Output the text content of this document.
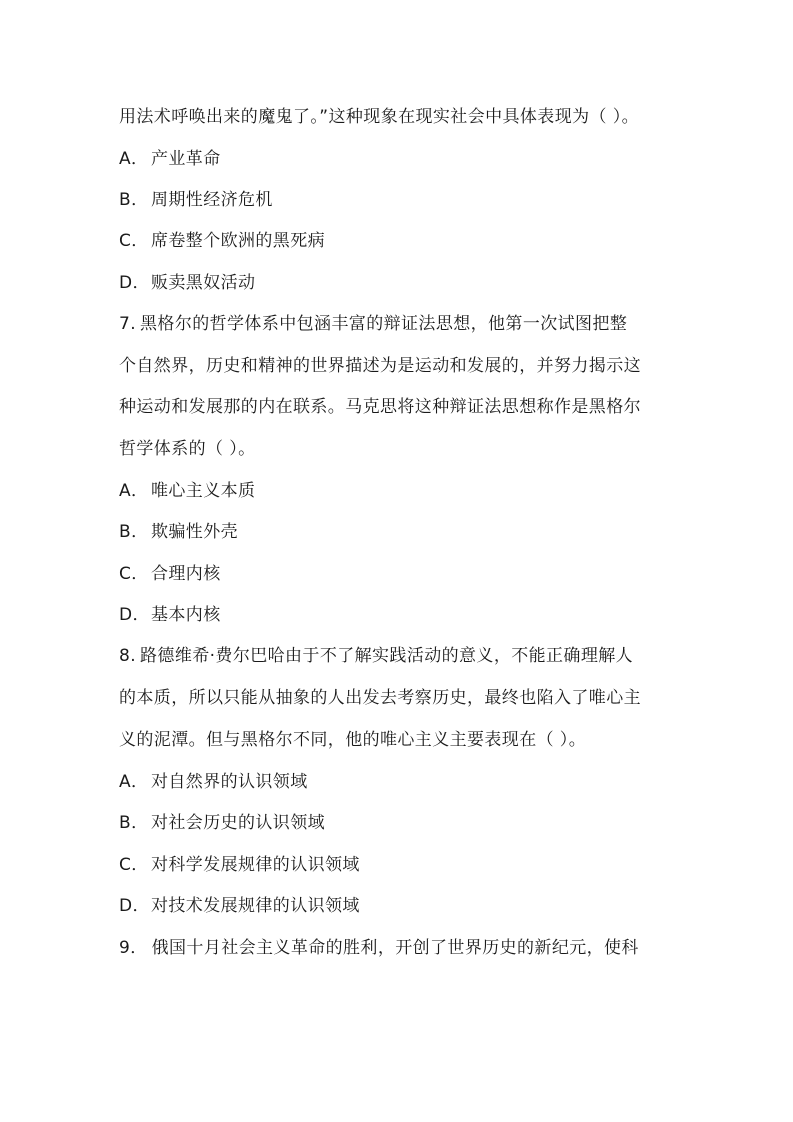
用法术呼唤出来的魔鬼了。”这种现象在现实社会中具体表现为（ ）。
A． 产业革命
B． 周期性经济危机
C． 席卷整个欧洲的黑死病
D．贩卖黑奴活动
7. 黑格尔的哲学体系中包涵丰富的辩证法思想，他第一次试图把整
个自然界，历史和精神的世界描述为是运动和发展的，并努力揭示这
种运动和发展那的内在联系。马克思将这种辩证法思想称作是黑格尔
哲学体系的（ ）。
A． 唯心主义本质
B． 欺骗性外壳
C． 合理内核
D．基本内核
8. 路德维希·费尔巴哈由于不了解实践活动的意义，不能正确理解人
的本质，所以只能从抽象的人出发去考察历史，最终也陷入了唯心主
义的泥潭。但与黑格尔不同，他的唯心主义主要表现在（ ）。
A． 对自然界的认识领域
B． 对社会历史的认识领域
C． 对科学发展规律的认识领域
D．对技术发展规律的认识领域
9． 俄国十月社会主义革命的胜利，开创了世界历史的新纪元，使科
